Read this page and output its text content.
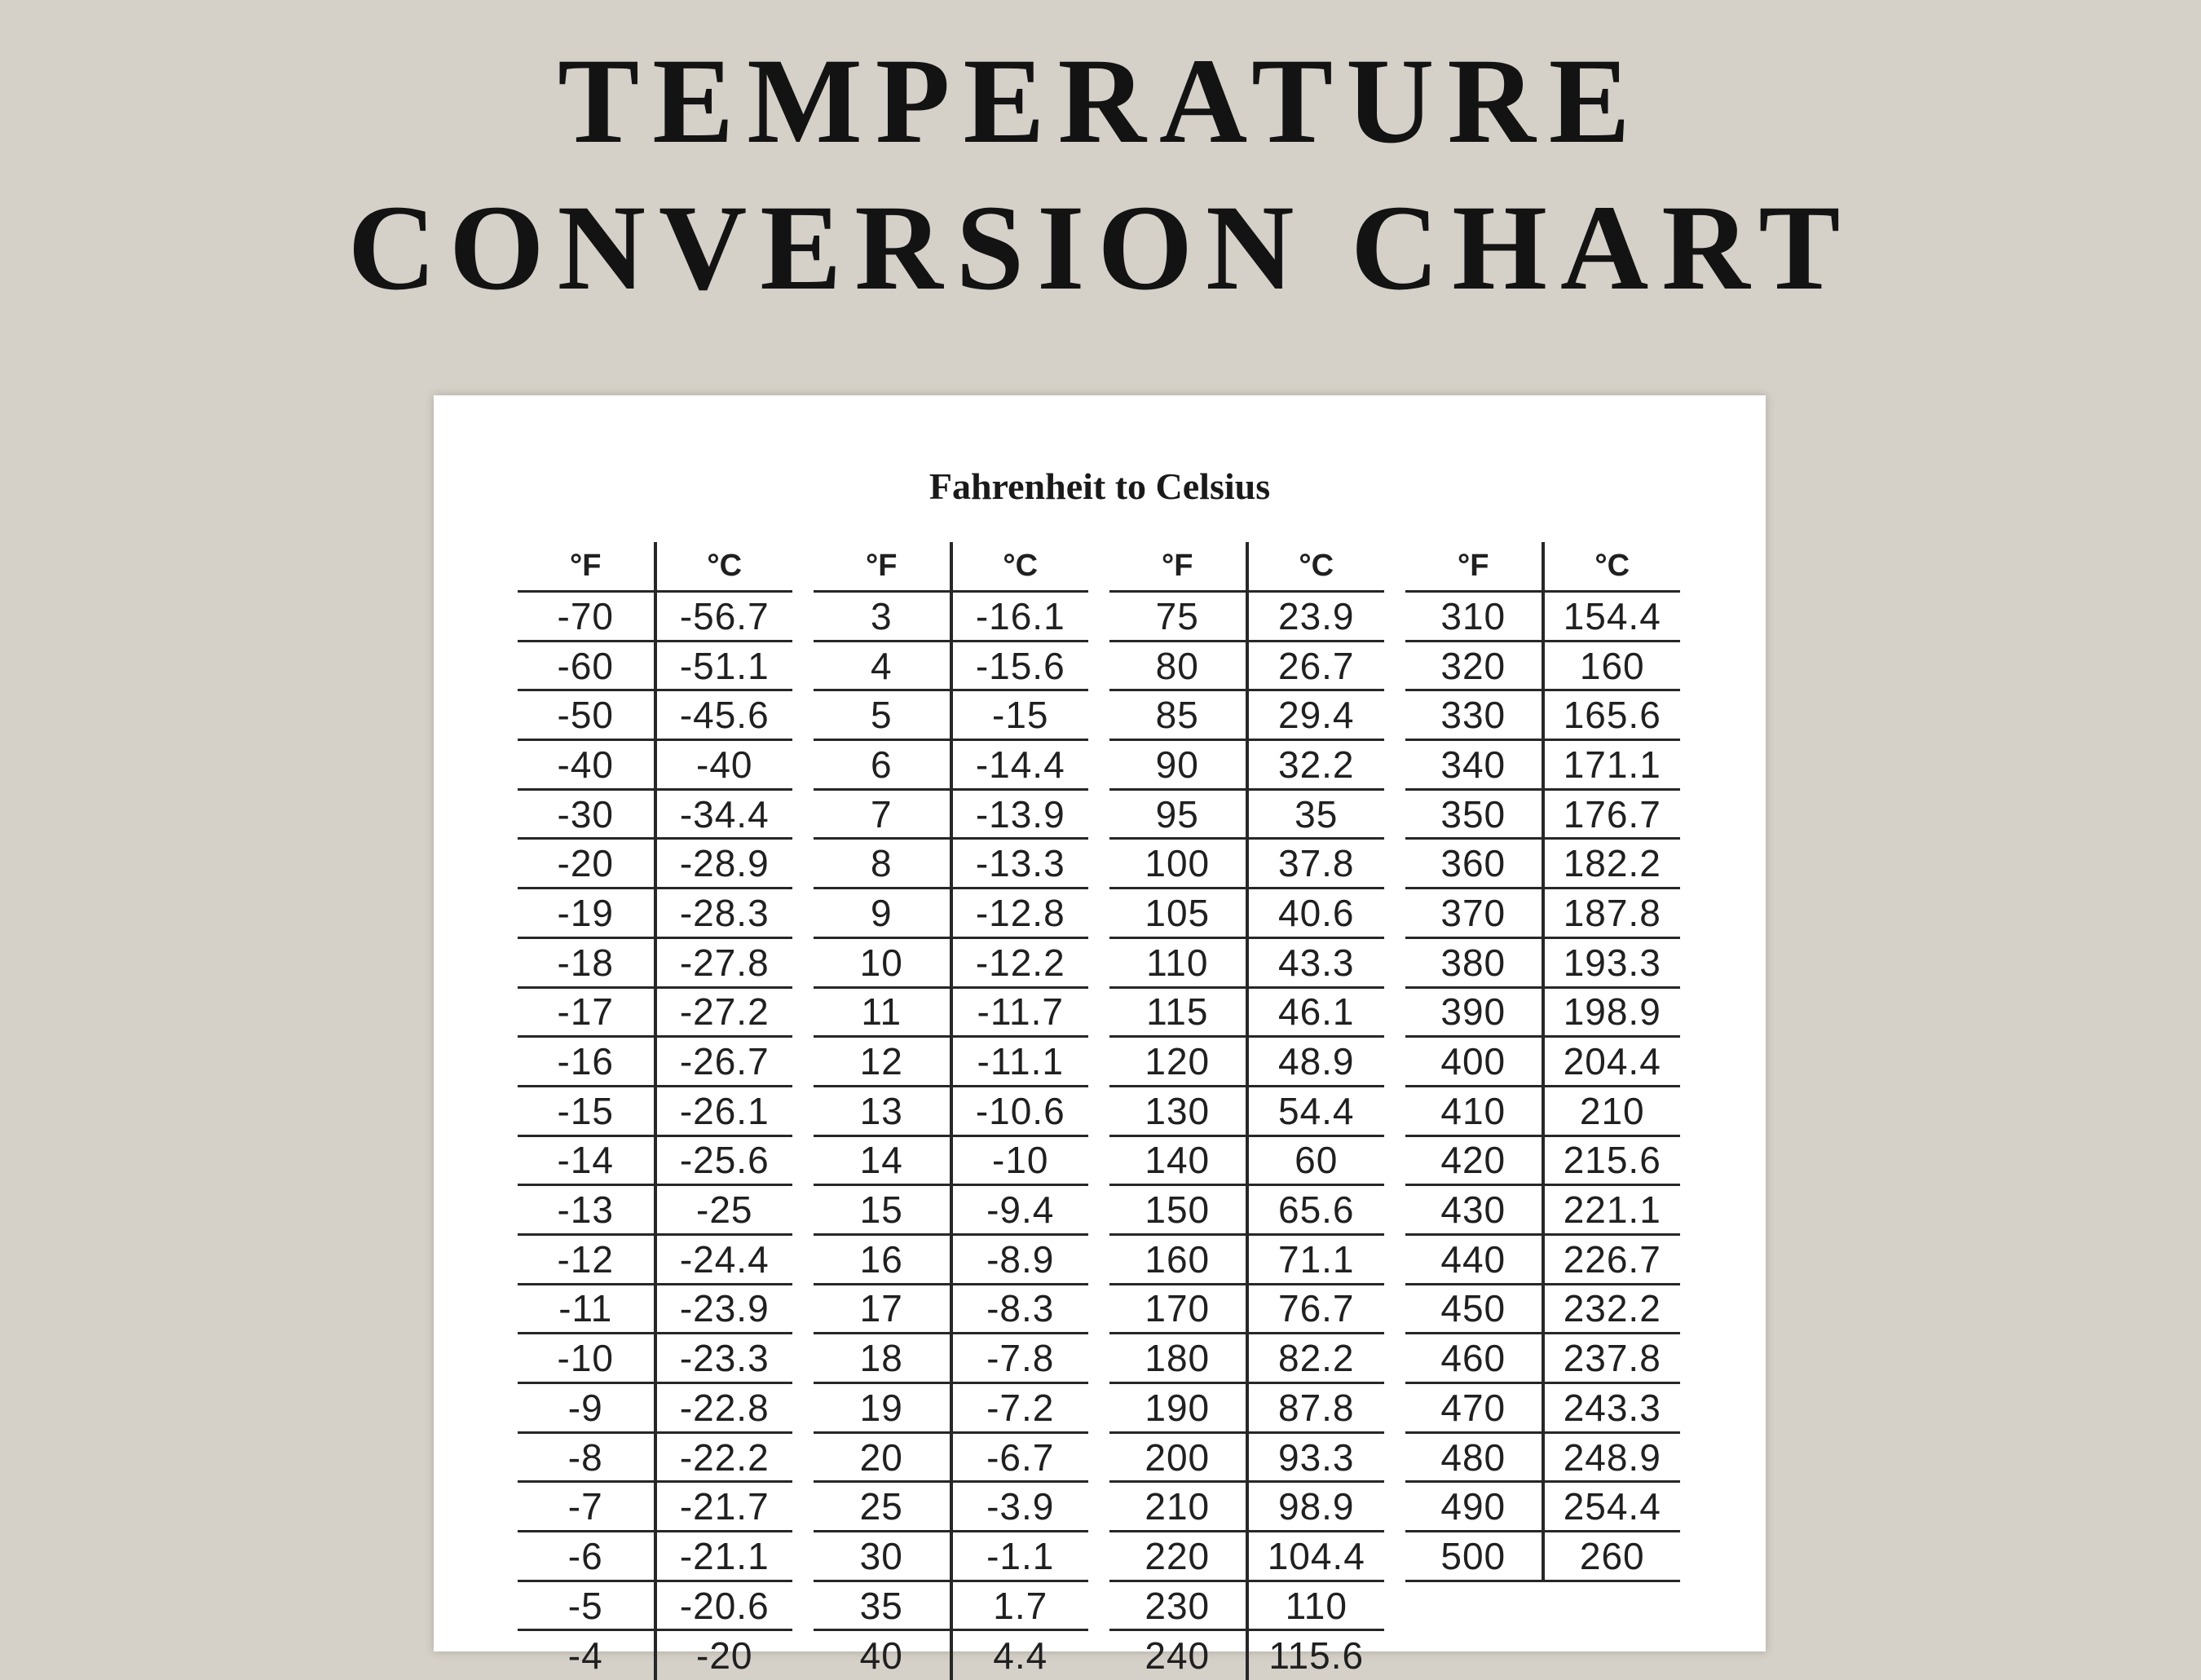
TEMPERATURE
CONVERSION CHART
Fahrenheit to Celsius
°F	°C
-70	-56.7
-60	-51.1
-50	-45.6
-40	-40
-30	-34.4
-20	-28.9
-19	-28.3
-18	-27.8
-17	-27.2
-16	-26.7
-15	-26.1
-14	-25.6
-13	-25
-12	-24.4
-11	-23.9
-10	-23.3
-9	-22.8
-8	-22.2
-7	-21.7
-6	-21.1
-5	-20.6
-4	-20
°F	°C
3	-16.1
4	-15.6
5	-15
6	-14.4
7	-13.9
8	-13.3
9	-12.8
10	-12.2
11	-11.7
12	-11.1
13	-10.6
14	-10
15	-9.4
16	-8.9
17	-8.3
18	-7.8
19	-7.2
20	-6.7
25	-3.9
30	-1.1
35	1.7
40	4.4
°F	°C
75	23.9
80	26.7
85	29.4
90	32.2
95	35
100	37.8
105	40.6
110	43.3
115	46.1
120	48.9
130	54.4
140	60
150	65.6
160	71.1
170	76.7
180	82.2
190	87.8
200	93.3
210	98.9
220	104.4
230	110
240	115.6
°F	°C
310	154.4
320	160
330	165.6
340	171.1
350	176.7
360	182.2
370	187.8
380	193.3
390	198.9
400	204.4
410	210
420	215.6
430	221.1
440	226.7
450	232.2
460	237.8
470	243.3
480	248.9
490	254.4
500	260
